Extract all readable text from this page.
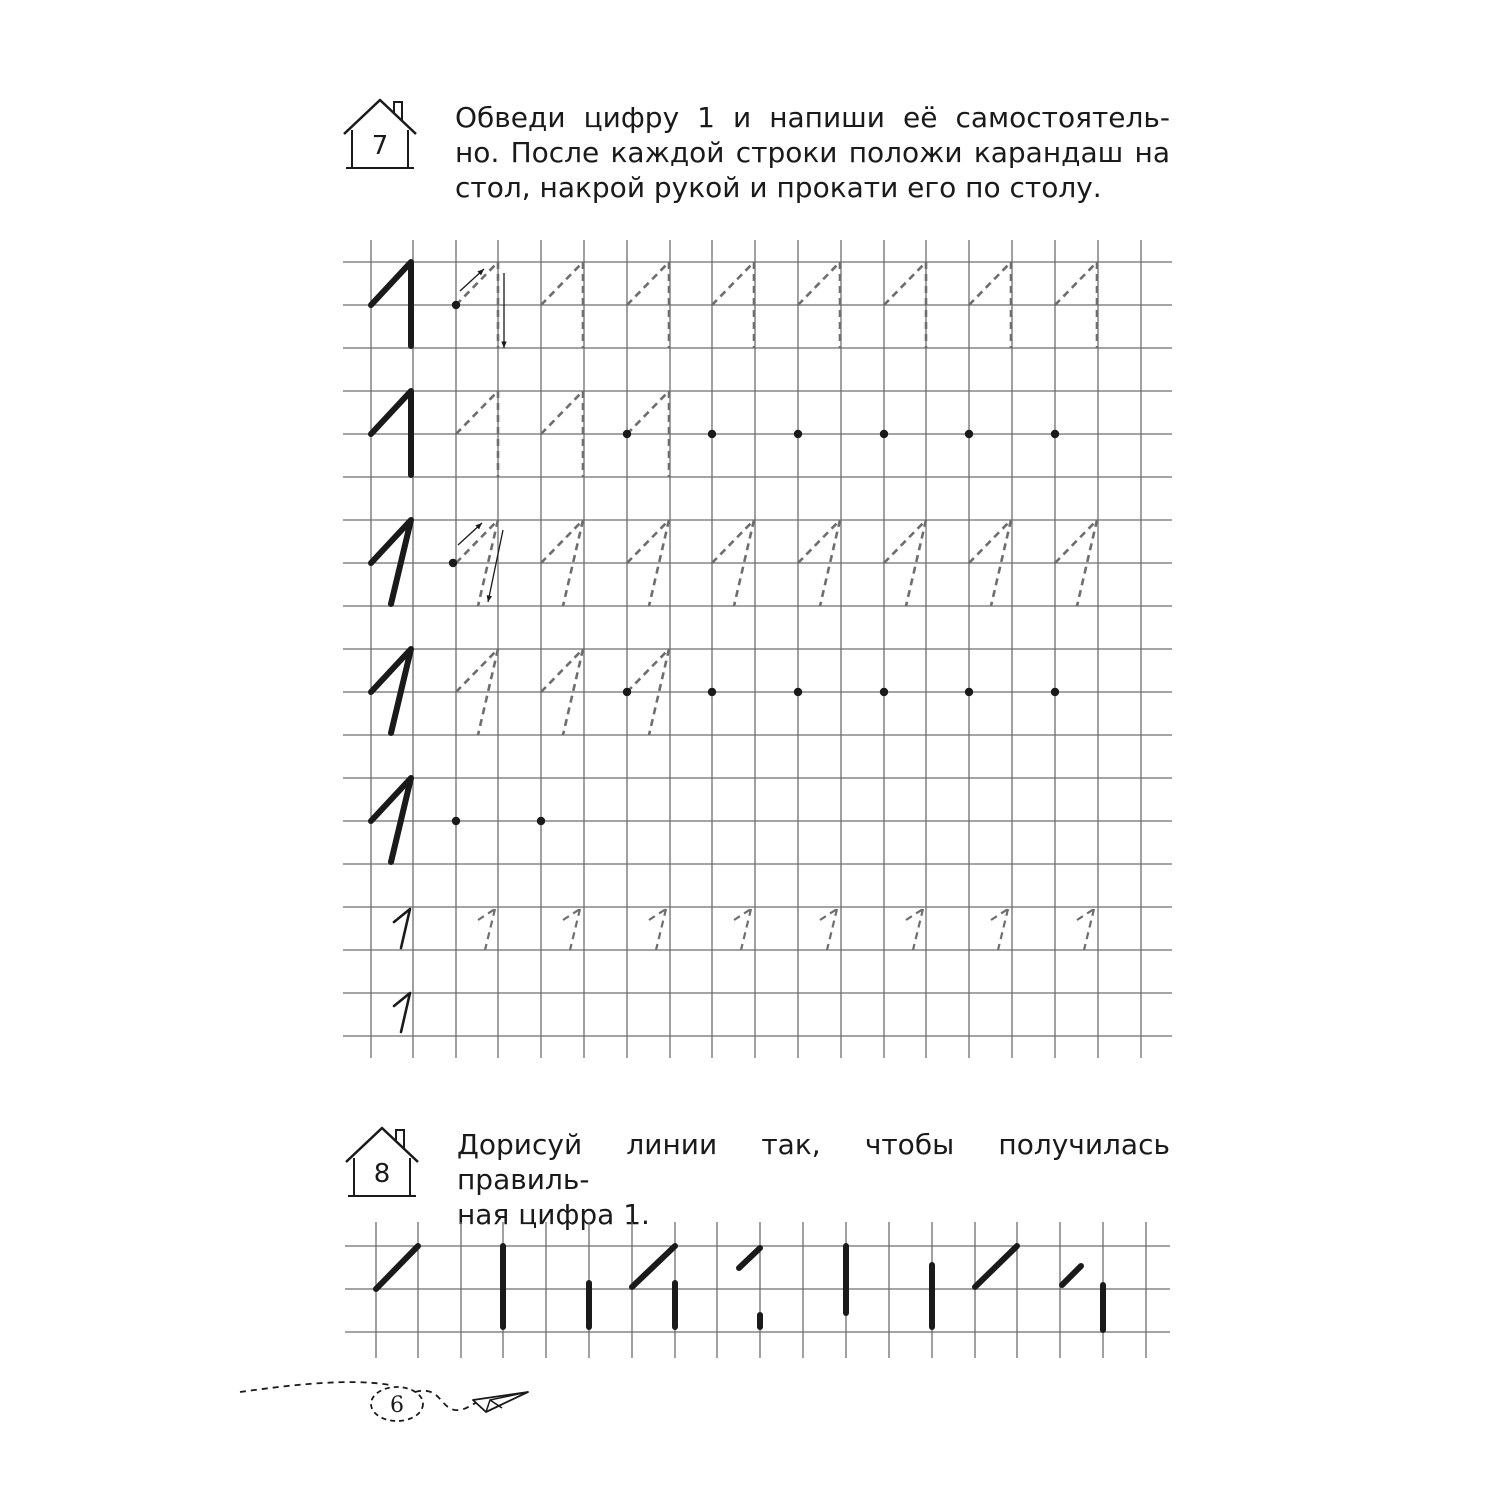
7

Обведи цифру 1 и напиши её самостоятель-

но. После каждой строки положи карандаш на

стол, накрой рукой и прокати его по столу.

8

Дорисуй линии так, чтобы получилась правиль-

ная цифра 1.

6
